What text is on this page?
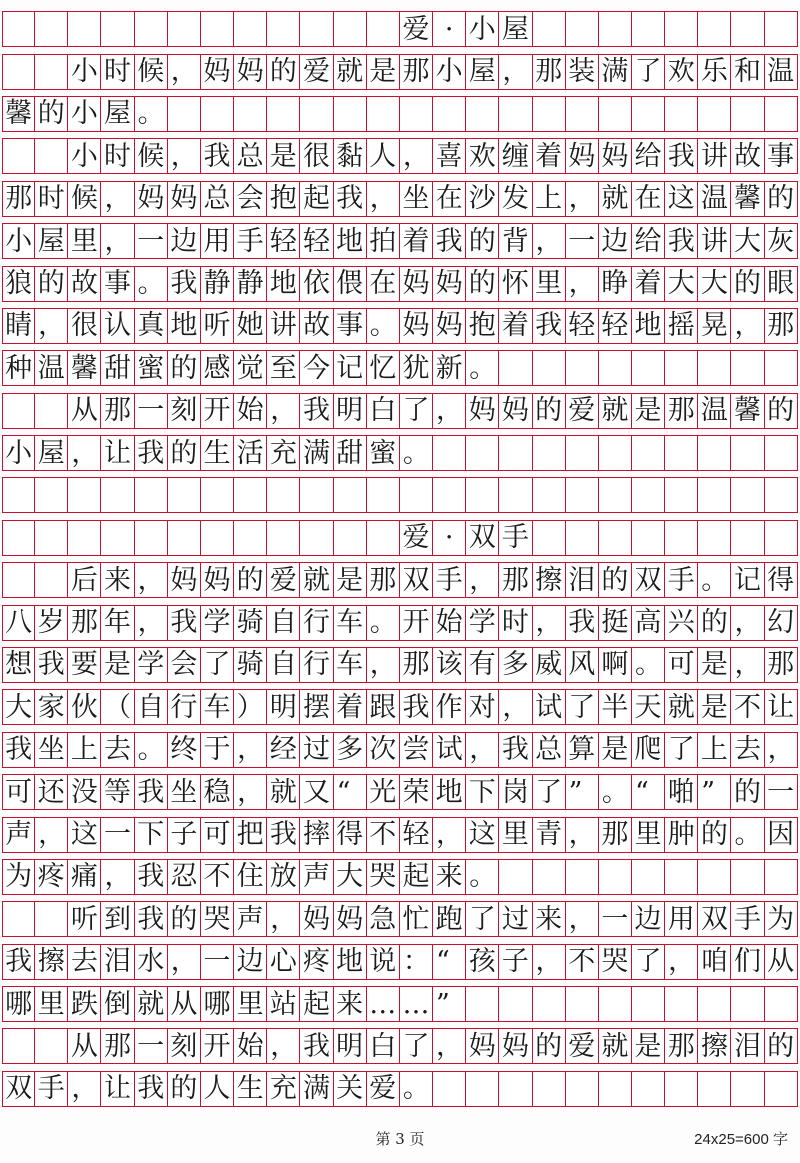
爱 · 小 屋
小 时 候 ， 妈 妈 的 爱 就 是 那 小 屋 ， 那 装 满 了 欢 乐 和 温
馨 的 小 屋 。
小 时 候 ， 我 总 是 很 黏 人 ， 喜 欢 缠 着 妈 妈 给 我 讲 故 事
那 时 候 ， 妈 妈 总 会 抱 起 我 ， 坐 在 沙 发 上 ， 就 在 这 温 馨 的
小 屋 里 ， 一 边 用 手 轻 轻 地 拍 着 我 的 背 ， 一 边 给 我 讲 大 灰
狼 的 故 事 。 我 静 静 地 依 偎 在 妈 妈 的 怀 里 ， 睁 着 大 大 的 眼
睛 ， 很 认 真 地 听 她 讲 故 事 。 妈 妈 抱 着 我 轻 轻 地 摇 晃 ， 那
种 温 馨 甜 蜜 的 感 觉 至 今 记 忆 犹 新 。
从 那 一 刻 开 始 ， 我 明 白 了 ， 妈 妈 的 爱 就 是 那 温 馨 的
小 屋 ， 让 我 的 生 活 充 满 甜 蜜 。
爱 · 双 手
后 来 ， 妈 妈 的 爱 就 是 那 双 手 ， 那 擦 泪 的 双 手 。 记 得
八 岁 那 年 ， 我 学 骑 自 行 车 。 开 始 学 时 ， 我 挺 高 兴 的 ， 幻
想 我 要 是 学 会 了 骑 自 行 车 ， 那 该 有 多 威 风 啊 。 可 是 ， 那
大 家 伙 （ 自 行 车 ） 明 摆 着 跟 我 作 对 ， 试 了 半 天 就 是 不 让
我 坐 上 去 。 终 于 ， 经 过 多 次 尝 试 ， 我 总 算 是 爬 了 上 去 ，
可 还 没 等 我 坐 稳 ， 就 又 “ 光 荣 地 下 岗 了 ” 。 “ 啪 ” 的 一
声 ， 这 一 下 子 可 把 我 摔 得 不 轻 ， 这 里 青 ， 那 里 肿 的 。 因
为 疼 痛 ， 我 忍 不 住 放 声 大 哭 起 来 。
听 到 我 的 哭 声 ， 妈 妈 急 忙 跑 了 过 来 ， 一 边 用 双 手 为
我 擦 去 泪 水 ， 一 边 心 疼 地 说 ： “ 孩 子 ， 不 哭 了 ， 咱 们 从
哪 里 跌 倒 就 从 哪 里 站 起 来 … … ”
从 那 一 刻 开 始 ， 我 明 白 了 ， 妈 妈 的 爱 就 是 那 擦 泪 的
双 手 ， 让 我 的 人 生 充 满 关 爱 。
第 3 页	24x25=600 字
